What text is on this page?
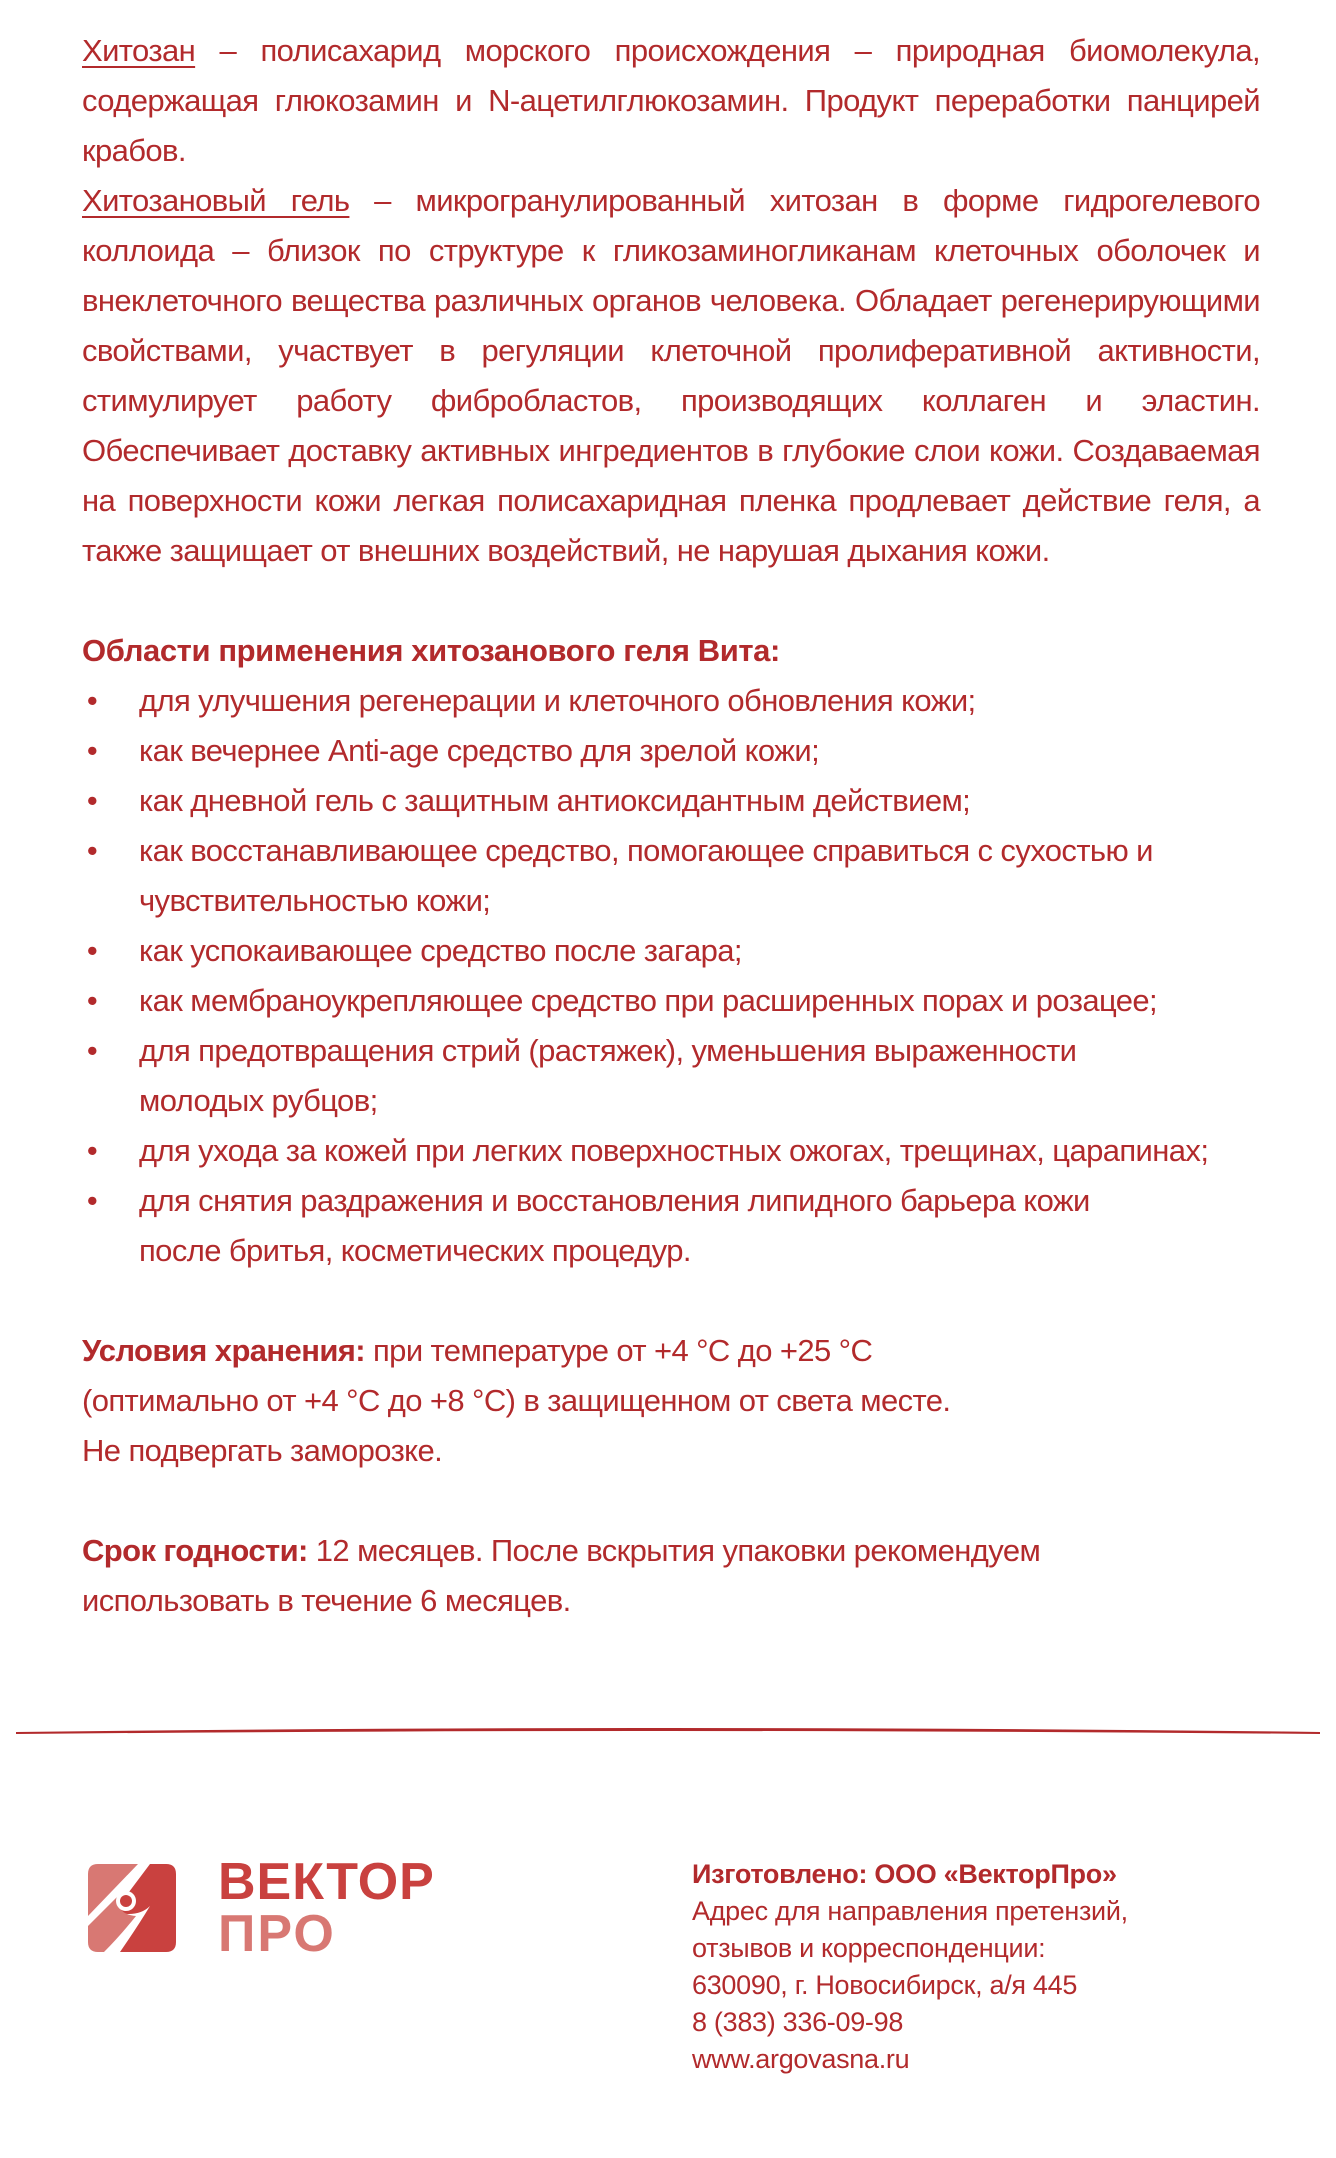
Хитозан – полисахарид морского происхождения – природная биомолекула, содержащая глюкозамин и N-ацетилглюкозамин. Продукт переработки панцирей крабов.

Хитозановый гель – микрогранулированный хитозан в форме гидрогелевого коллоида – близок по структуре к гликозаминогликанам клеточных оболочек и внеклеточного вещества различных органов человека. Обладает регенерирующими свойствами, участвует в регуляции клеточной пролиферативной активности, стимулирует работу фибробластов, производящих коллаген и эластин. Обеспечивает доставку активных ингредиентов в глубокие слои кожи. Создаваемая на поверхности кожи легкая полисахаридная пленка продлевает действие геля, а также защищает от внешних воздействий, не нарушая дыхания кожи.

Области применения хитозанового геля Вита:

• для улучшения регенерации и клеточного обновления кожи;
• как вечернее Anti-age средство для зрелой кожи;
• как дневной гель с защитным антиоксидантным действием;
• как восстанавливающее средство, помогающее справиться с сухостью и чувствительностью кожи;
• как успокаивающее средство после загара;
• как мембраноукрепляющее средство при расширенных порах и розацее;
• для предотвращения стрий (растяжек), уменьшения выраженности молодых рубцов;
• для ухода за кожей при легких поверхностных ожогах, трещинах, царапинах;
• для снятия раздражения и восстановления липидного барьера кожи после бритья, косметических процедур.

Условия хранения: при температуре от +4 °С до +25 °С

(оптимально от +4 °С до +8 °С) в защищенном от света месте.

Не подвергать заморозке.

Срок годности: 12 месяцев. После вскрытия упаковки рекомендуем

использовать в течение 6 месяцев.

ВЕКТОР
ПРО

Изготовлено: ООО «ВекторПро»

Адрес для направления претензий,

отзывов и корреспонденции:

630090, г. Новосибирск, а/я 445

8 (383) 336-09-98

www.argovasna.ru
